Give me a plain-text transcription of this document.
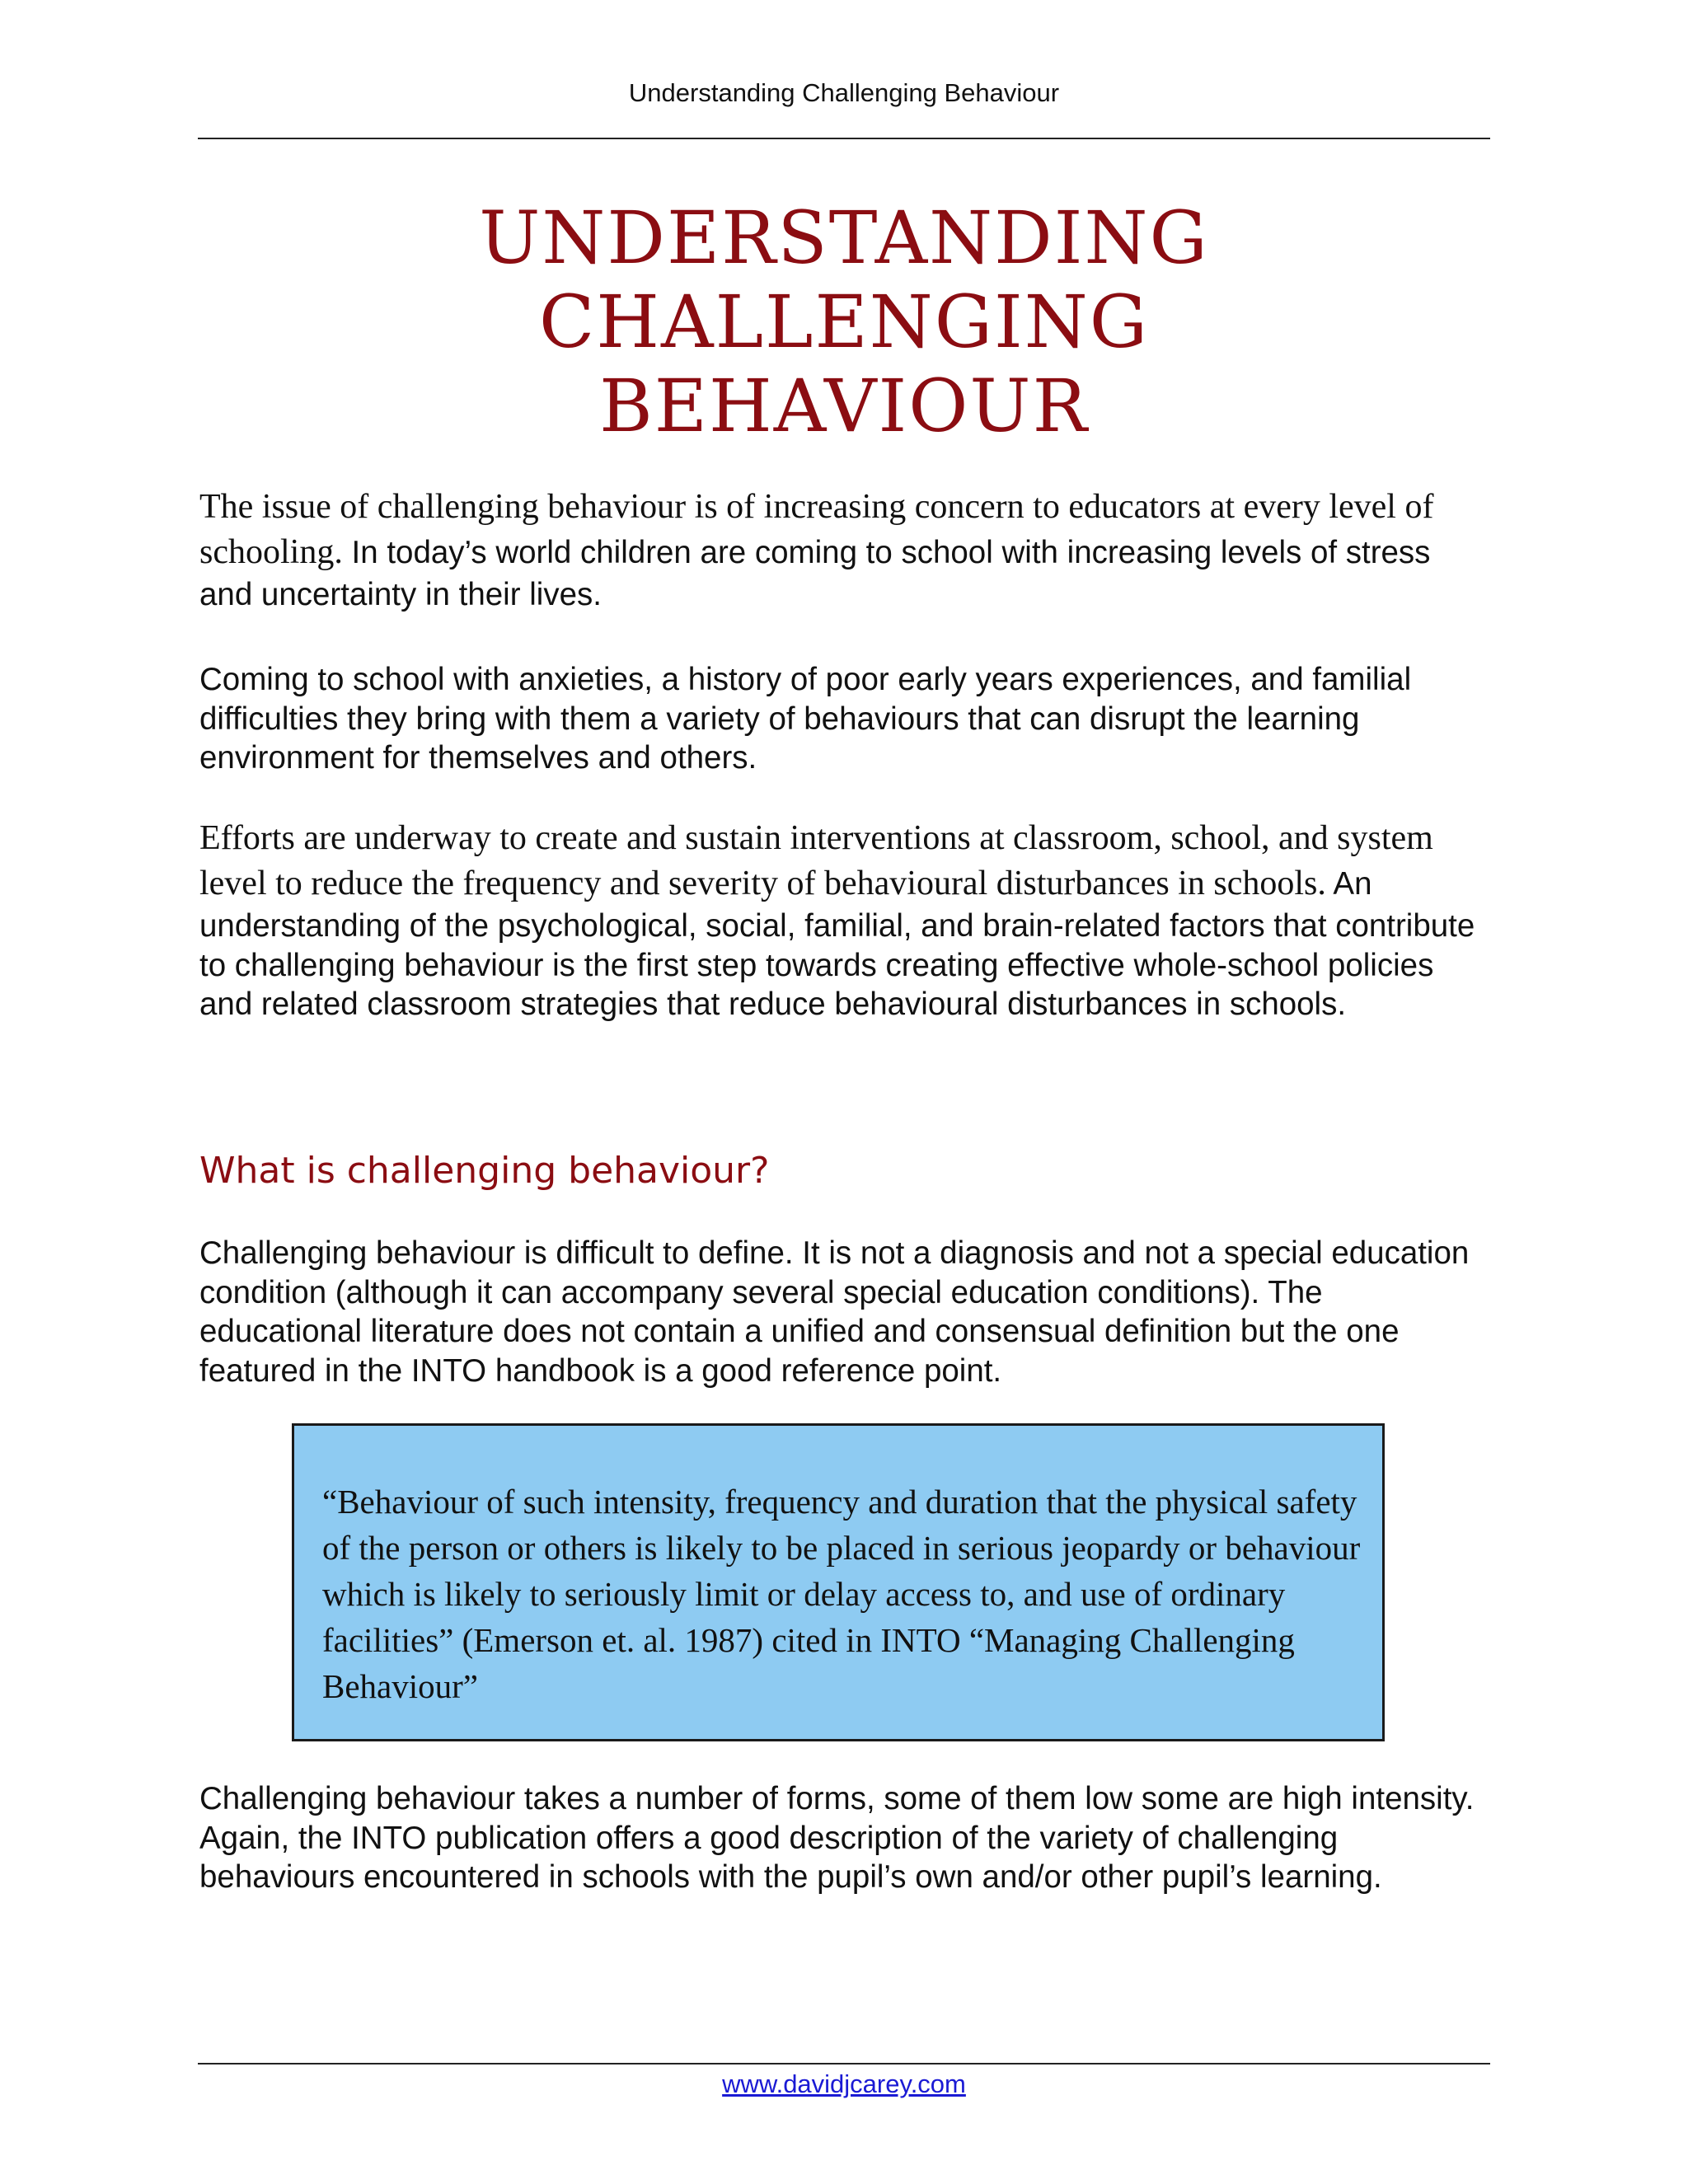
Understanding Challenging Behaviour

UNDERSTANDING CHALLENGING
BEHAVIOUR

The issue of challenging behaviour is of increasing concern to educators at every level of schooling. In today’s world children are coming to school with increasing levels of stress and uncertainty in their lives.

Coming to school with anxieties, a history of poor early years experiences, and familial difficulties they bring with them a variety of behaviours that can disrupt the learning environment for themselves and others.

Efforts are underway to create and sustain interventions at classroom, school, and system level to reduce the frequency and severity of behavioural disturbances in schools. An understanding of the psychological, social, familial, and brain-related factors that contribute to challenging behaviour is the first step towards creating effective whole-school policies and related classroom strategies that reduce behavioural disturbances in schools.

What is challenging behaviour?

Challenging behaviour is difficult to define. It is not a diagnosis and not a special education condition (although it can accompany several special education conditions). The educational literature does not contain a unified and consensual definition but the one featured in the INTO handbook is a good reference point.

“Behaviour of such intensity, frequency and duration that the physical safety of the person or others is likely to be placed in serious jeopardy or behaviour which is likely to seriously limit or delay access to, and use of ordinary facilities” (Emerson et. al. 1987) cited in INTO “Managing Challenging Behaviour”

Challenging behaviour takes a number of forms, some of them low some are high intensity. Again, the INTO publication offers a good description of the variety of challenging behaviours encountered in schools with the pupil’s own and/or other pupil’s learning.

www.davidjcarey.com
